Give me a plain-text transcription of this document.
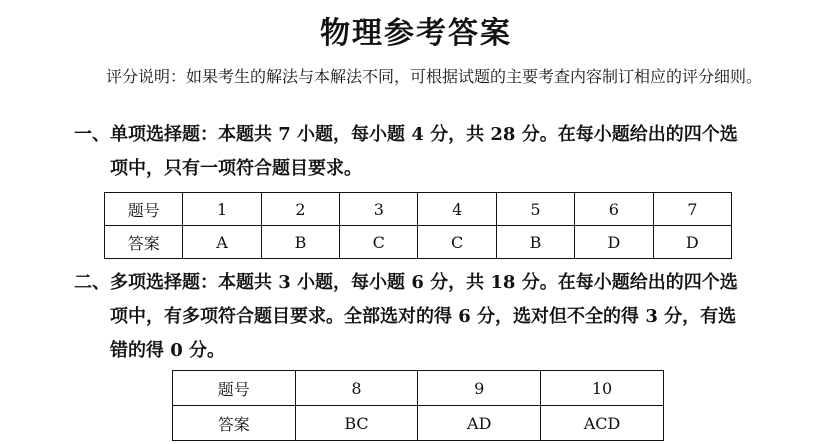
物理参考答案
评分说明：如果考生的解法与本解法不同，可根据试题的主要考查内容制订相应的评分细则。
一、单项选择题：本题共 7 小题，每小题 4 分，共 28 分。在每小题给出的四个选
项中，只有一项符合题目要求。
题号	1	2	3	4	5	6	7
答案	A	B	C	C	B	D	D
二、多项选择题：本题共 3 小题，每小题 6 分，共 18 分。在每小题给出的四个选
项中，有多项符合题目要求。全部选对的得 6 分，选对但不全的得 3 分，有选
错的得 0 分。
题号	8	9	10
答案	BC	AD	ACD
